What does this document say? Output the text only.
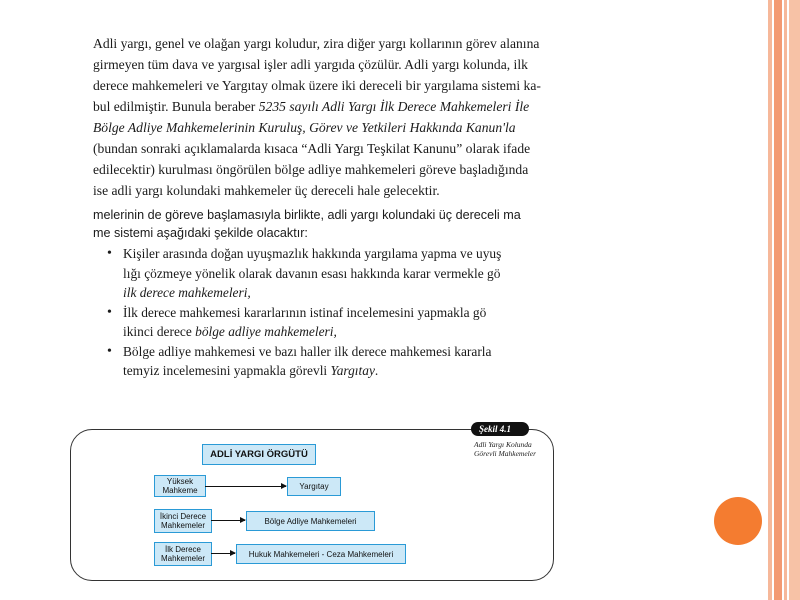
Adli yargı, genel ve olağan yargı koludur, zira diğer yargı kollarının görev alanına

girmeyen tüm dava ve yargısal işler adli yargıda çözülür. Adli yargı kolunda, ilk

derece mahkemeleri ve Yargıtay olmak üzere iki dereceli bir yargılama sistemi ka-

bul edilmiştir. Bunula beraber 5235 sayılı Adli Yargı İlk Derece Mahkemeleri İle

Bölge Adliye Mahkemelerinin Kuruluş, Görev ve Yetkileri Hakkında Kanun'la

(bundan sonraki açıklamalarda kısaca “Adli Yargı Teşkilat Kanunu” olarak ifade

edilecektir) kurulması öngörülen bölge adliye mahkemeleri göreve başladığında

ise adli yargı kolundaki mahkemeler üç dereceli hale gelecektir.

melerinin de göreve başlamasıyla birlikte, adli yargı kolundaki üç dereceli ma
me sistemi aşağıdaki şekilde olacaktır:
• Kişiler arasında doğan uyuşmazlık hakkında yargılama yapma ve uyuş
lığı çözmeye yönelik olarak davanın esası hakkında karar vermekle gö
ilk derece mahkemeleri,
• İlk derece mahkemesi kararlarının istinaf incelemesini yapmakla gö
ikinci derece bölge adliye mahkemeleri,
• Bölge adliye mahkemesi ve bazı haller ilk derece mahkemesi kararla
temyiz incelemesini yapmakla görevli Yargıtay.
ADLİ YARGI ÖRGÜTÜ
Yüksek Mahkeme	Yargıtay
İkinci Derece Mahkemeler	Bölge Adliye Mahkemeleri
İlk Derece Mahkemeler	Hukuk Mahkemeleri - Ceza Mahkemeleri
Şekil 4.1
Adli Yargı Kolunda Görevli Mahkemeler
